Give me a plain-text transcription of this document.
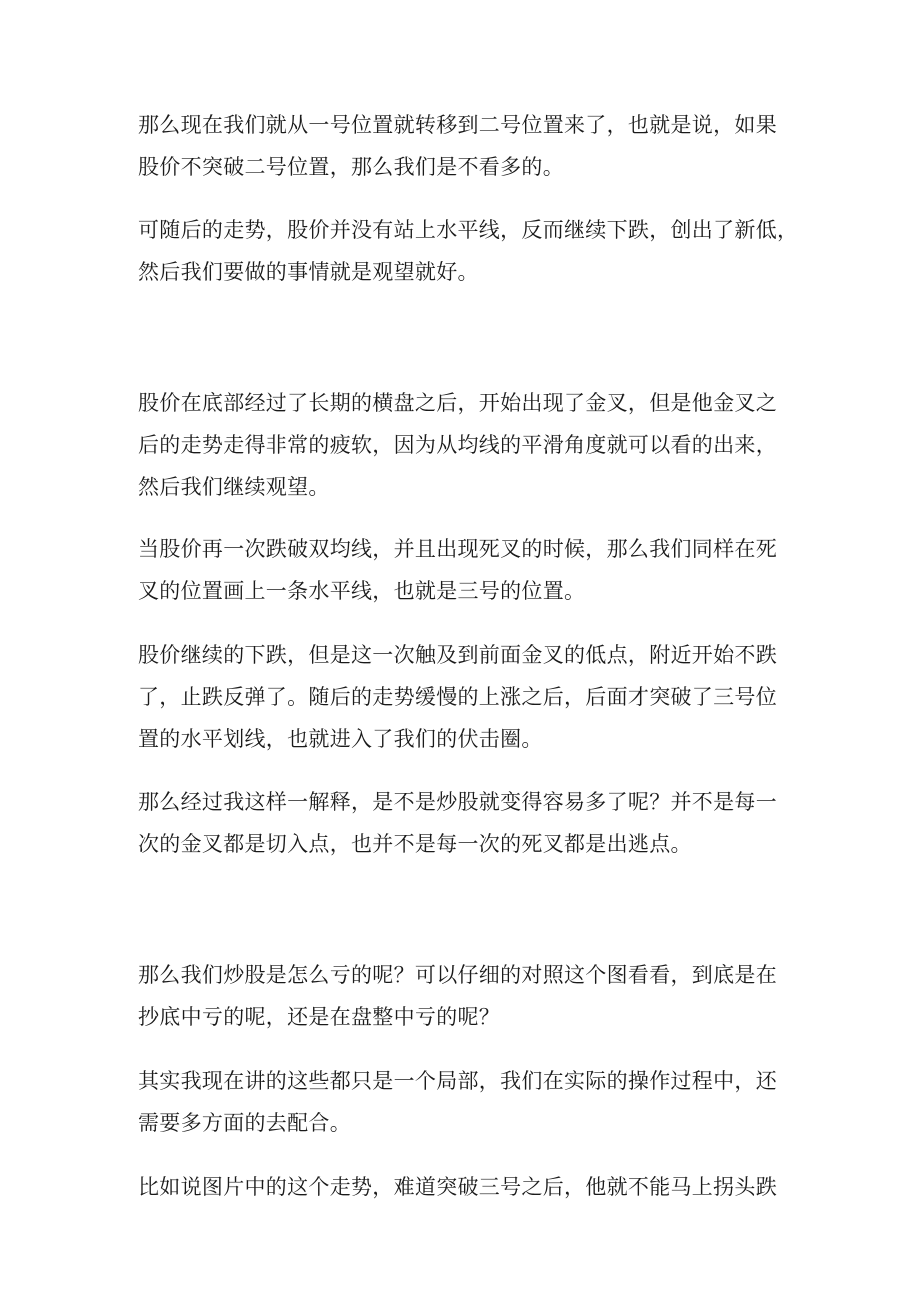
那么现在我们就从一号位置就转移到二号位置来了，也就是说，如果
股价不突破二号位置，那么我们是不看多的。

可随后的走势，股价并没有站上水平线，反而继续下跌，创出了新低，
然后我们要做的事情就是观望就好。

股价在底部经过了长期的横盘之后，开始出现了金叉，但是他金叉之
后的走势走得非常的疲软，因为从均线的平滑角度就可以看的出来，
然后我们继续观望。

当股价再一次跌破双均线，并且出现死叉的时候，那么我们同样在死
叉的位置画上一条水平线，也就是三号的位置。

股价继续的下跌，但是这一次触及到前面金叉的低点，附近开始不跌
了，止跌反弹了。随后的走势缓慢的上涨之后，后面才突破了三号位
置的水平划线，也就进入了我们的伏击圈。

那么经过我这样一解释，是不是炒股就变得容易多了呢？并不是每一
次的金叉都是切入点，也并不是每一次的死叉都是出逃点。

那么我们炒股是怎么亏的呢？可以仔细的对照这个图看看，到底是在
抄底中亏的呢，还是在盘整中亏的呢？

其实我现在讲的这些都只是一个局部，我们在实际的操作过程中，还
需要多方面的去配合。

比如说图片中的这个走势，难道突破三号之后，他就不能马上拐头跌
